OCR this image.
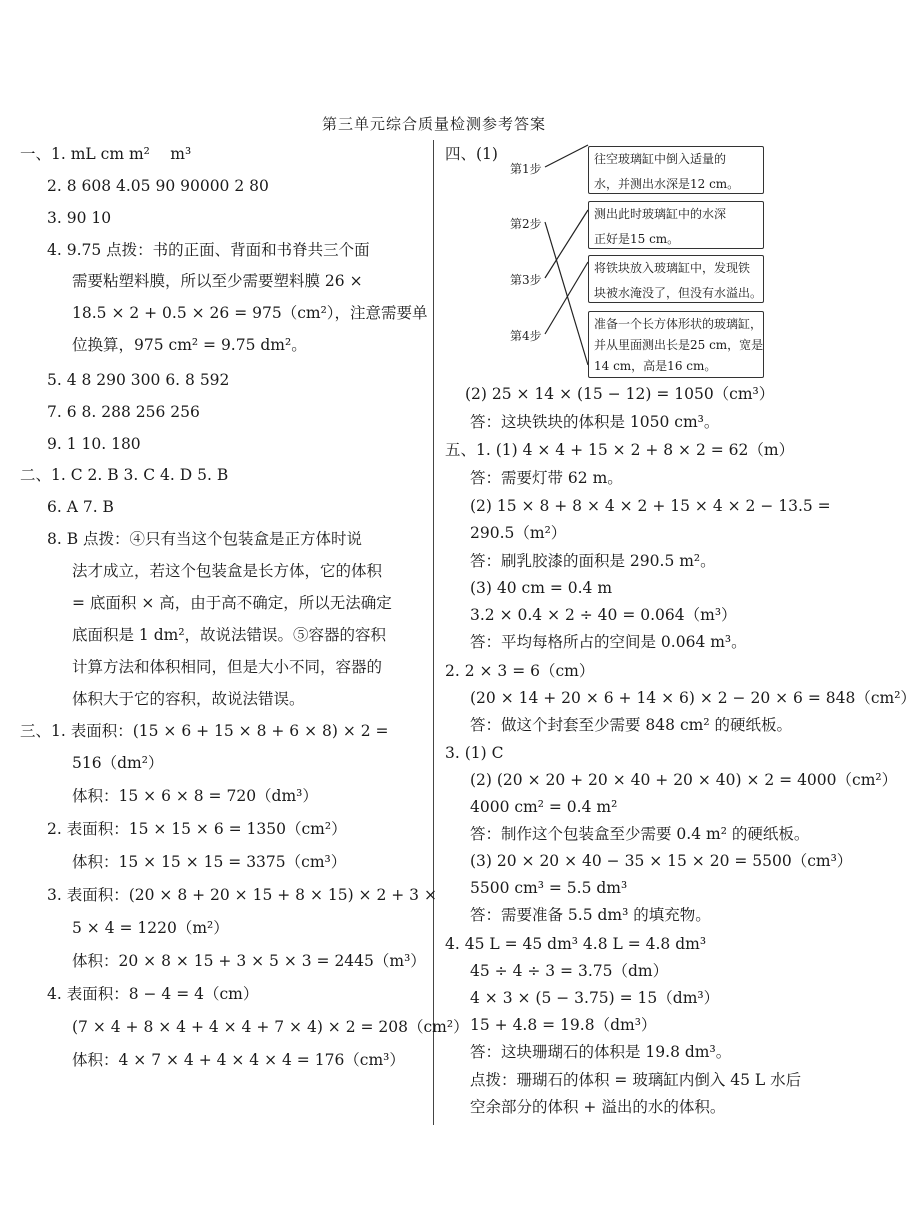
第三单元综合质量检测参考答案
一、1. mL cm m² 　m³
2. 8 608 4.05 90 90000 2 80
3. 90 10
4. 9.75 点拨：书的正面、背面和书脊共三个面
需要粘塑料膜，所以至少需要塑料膜 26 ×
18.5 × 2 + 0.5 × 26 = 975（cm²），注意需要单
位换算，975 cm² = 9.75 dm²。
5. 4 8 290 300 6. 8 592
7. 6 8. 288 256 256
9. 1 10. 180
二、1. C 2. B 3. C 4. D 5. B
6. A 7. B
8. B 点拨：④只有当这个包装盒是正方体时说
法才成立，若这个包装盒是长方体，它的体积
= 底面积 × 高，由于高不确定，所以无法确定
底面积是 1 dm²，故说法错误。⑤容器的容积
计算方法和体积相同，但是大小不同，容器的
体积大于它的容积，故说法错误。
三、1. 表面积：(15 × 6 + 15 × 8 + 6 × 8) × 2 =
516（dm²）
体积：15 × 6 × 8 = 720（dm³）
2. 表面积：15 × 15 × 6 = 1350（cm²）
体积：15 × 15 × 15 = 3375（cm³）
3. 表面积：(20 × 8 + 20 × 15 + 8 × 15) × 2 + 3 ×
5 × 4 = 1220（m²）
体积：20 × 8 × 15 + 3 × 5 × 3 = 2445（m³）
4. 表面积：8 − 4 = 4（cm）
(7 × 4 + 8 × 4 + 4 × 4 + 7 × 4) × 2 = 208（cm²）
体积：4 × 7 × 4 + 4 × 4 × 4 = 176（cm³）
四、(1)
第1步
第2步
第3步
第4步
往空玻璃缸中倒入适量的
水，并测出水深是12 cm。
测出此时玻璃缸中的水深
正好是15 cm。
将铁块放入玻璃缸中，发现铁
块被水淹没了，但没有水溢出。
准备一个长方体形状的玻璃缸，
并从里面测出长是25 cm，宽是
14 cm，高是16 cm。
(2) 25 × 14 × (15 − 12) = 1050（cm³）
答：这块铁块的体积是 1050 cm³。
五、1. (1) 4 × 4 + 15 × 2 + 8 × 2 = 62（m）
答：需要灯带 62 m。
(2) 15 × 8 + 8 × 4 × 2 + 15 × 4 × 2 − 13.5 =
290.5（m²）
答：刷乳胶漆的面积是 290.5 m²。
(3) 40 cm = 0.4 m
3.2 × 0.4 × 2 ÷ 40 = 0.064（m³）
答：平均每格所占的空间是 0.064 m³。
2. 2 × 3 = 6（cm）
(20 × 14 + 20 × 6 + 14 × 6) × 2 − 20 × 6 = 848（cm²）
答：做这个封套至少需要 848 cm² 的硬纸板。
3. (1) C
(2) (20 × 20 + 20 × 40 + 20 × 40) × 2 = 4000（cm²）
4000 cm² = 0.4 m²
答：制作这个包装盒至少需要 0.4 m² 的硬纸板。
(3) 20 × 20 × 40 − 35 × 15 × 20 = 5500（cm³）
5500 cm³ = 5.5 dm³
答：需要准备 5.5 dm³ 的填充物。
4. 45 L = 45 dm³ 4.8 L = 4.8 dm³
45 ÷ 4 ÷ 3 = 3.75（dm）
4 × 3 × (5 − 3.75) = 15（dm³）
15 + 4.8 = 19.8（dm³）
答：这块珊瑚石的体积是 19.8 dm³。
点拨：珊瑚石的体积 = 玻璃缸内倒入 45 L 水后
空余部分的体积 + 溢出的水的体积。
